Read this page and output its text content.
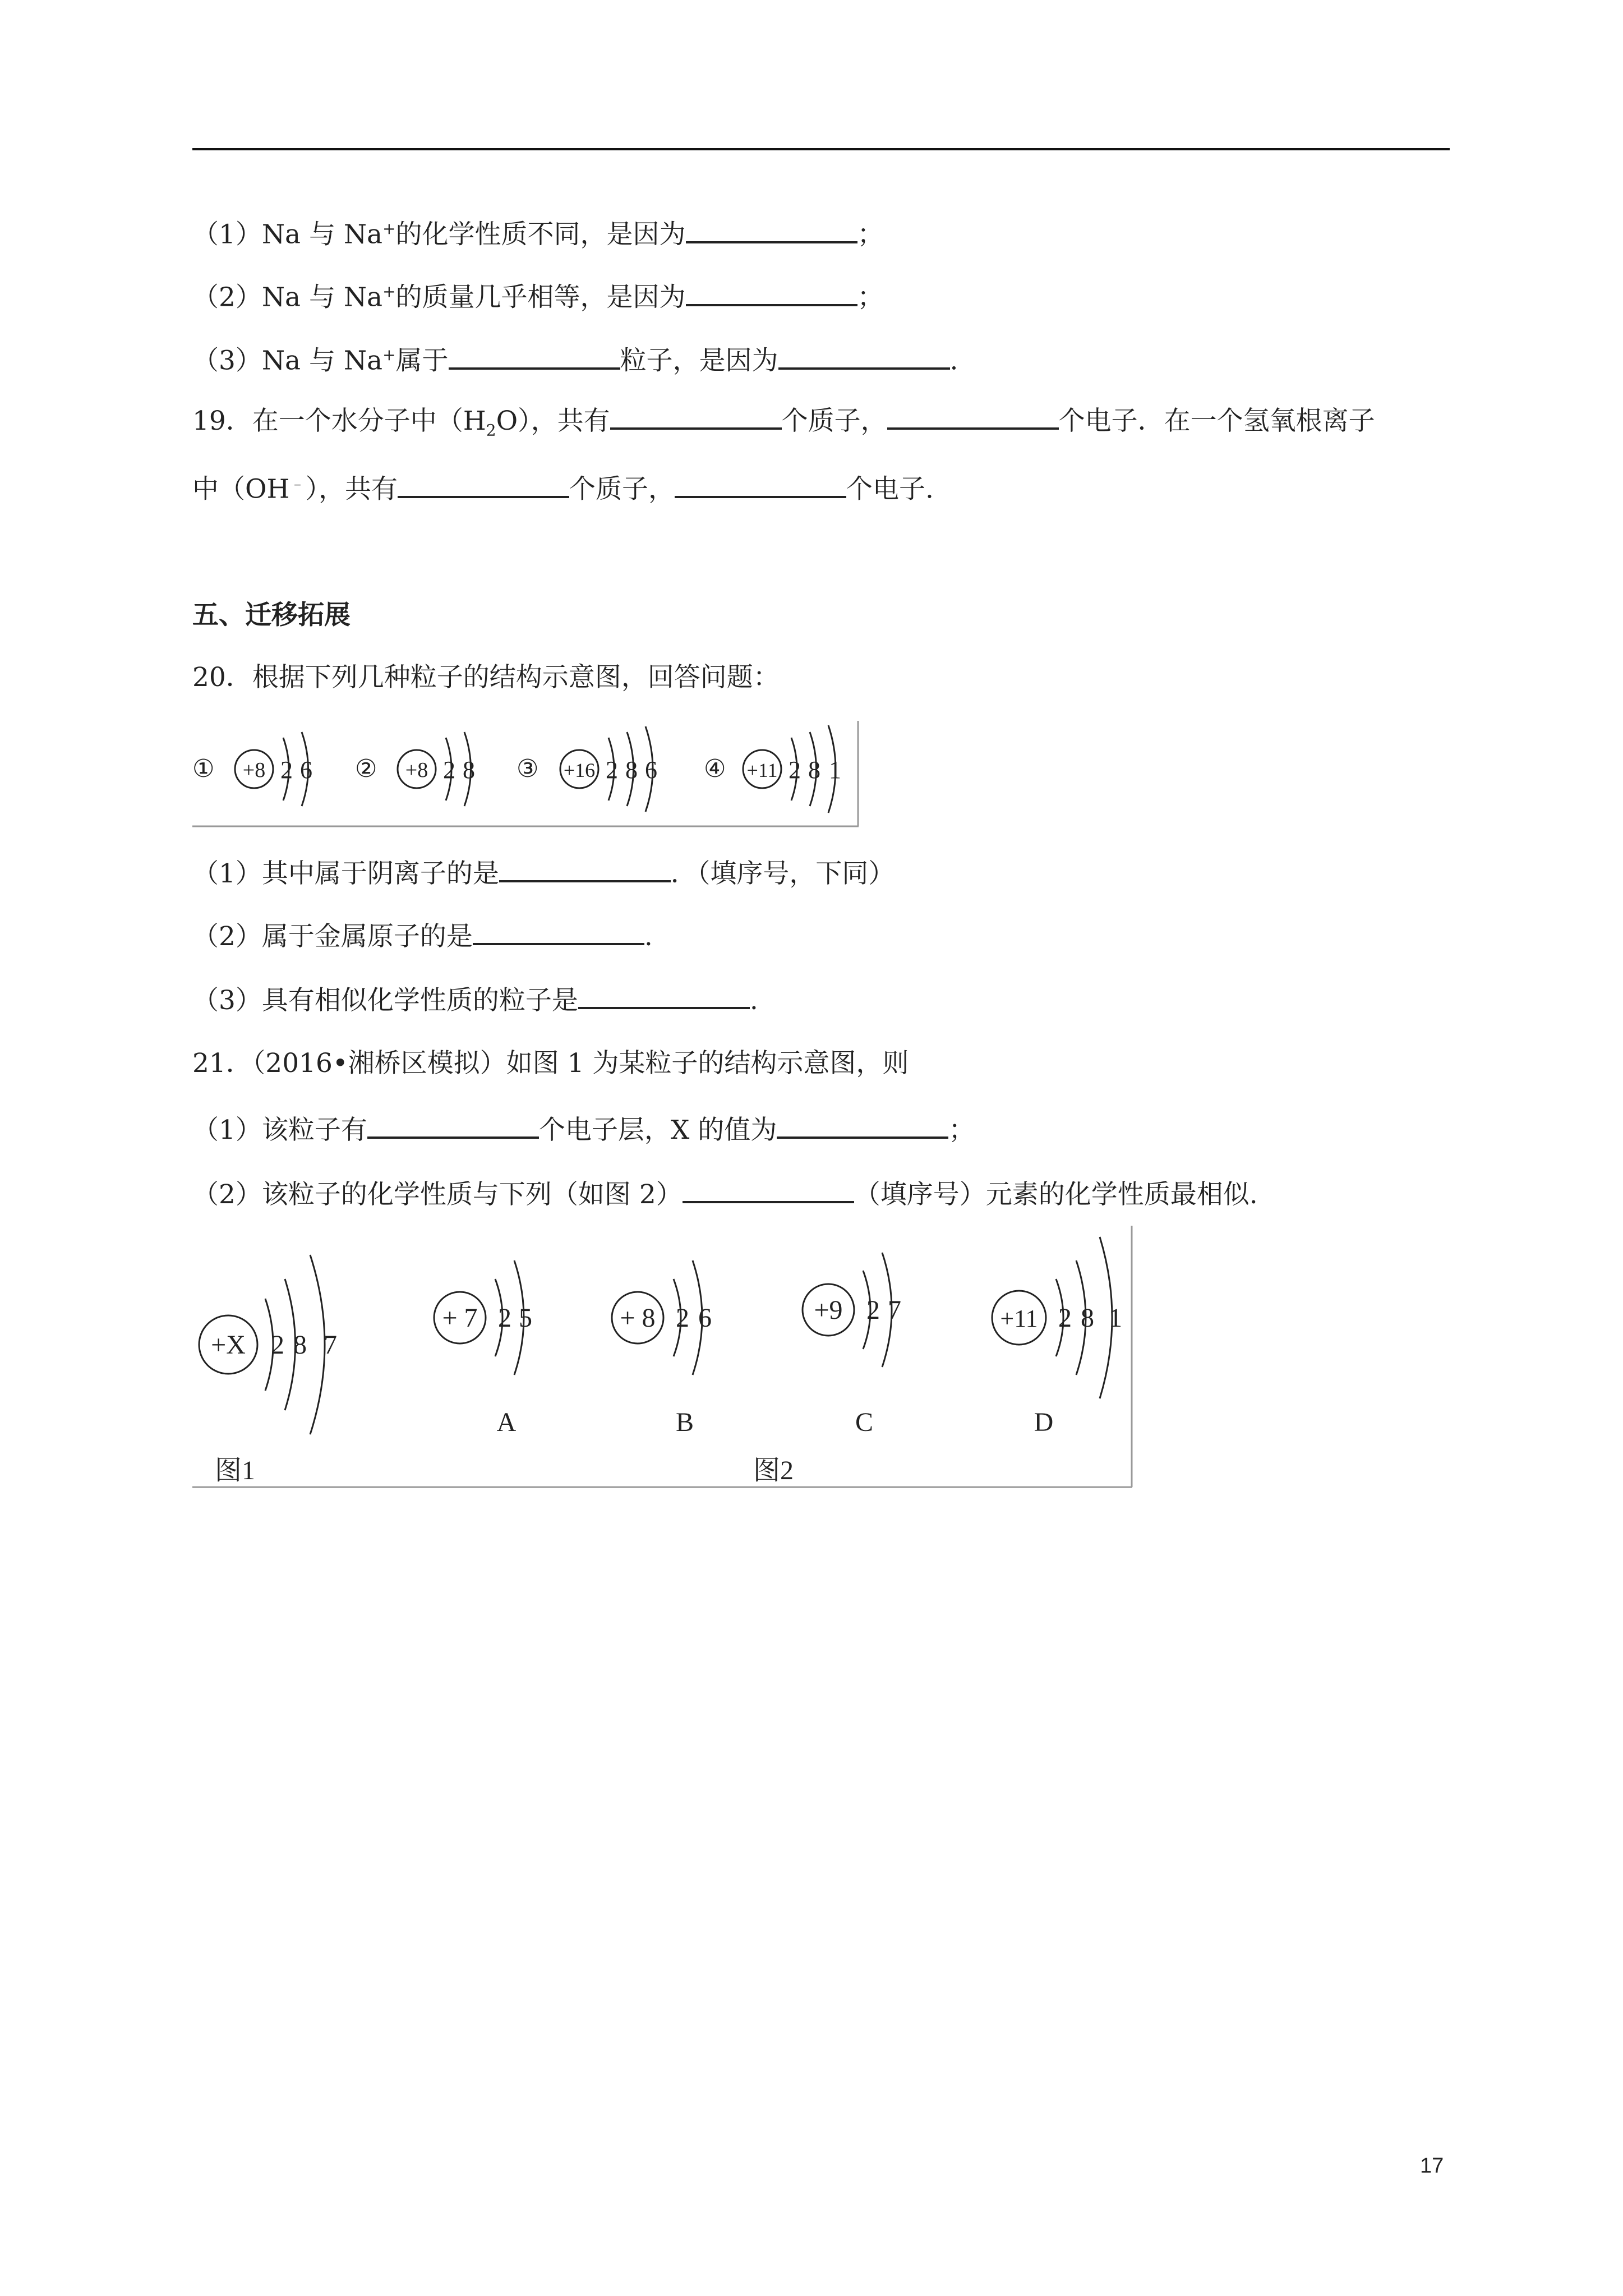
（1）Na 与 Na+的化学性质不同，是因为	；
（2）Na 与 Na+的质量几乎相等，是因为	；
（3）Na 与 Na+属于	粒子，是因为	.
19．在一个水分子中$(H_2O)$，共有	个质子，	个电子．在一个氢氧根离子
中（OH﹣），共有	个质子，	个电子.
五、迁移拓展
20．根据下列几种粒子的结构示意图，回答问题：
① +8 2 6 ② +8 2 8 ③ +16 2 8 6 ④ +11 2 8 1
（1）其中属于阴离子的是	．（填序号，下同）
（2）属于金属原子的是	.
（3）具有相似化学性质的粒子是	.
21．（2016•湘桥区模拟）如图 1 为某粒子的结构示意图，则
（1）该粒子有	个电子层，X 的值为	；
（2）该粒子的化学性质与下列（如图 2）	（填序号）元素的化学性质最相似.
+X 2 8 7
图1	图2
+ 7 2 5
A
+ 8 2 6
B
+9 2 7
C
+11 2 8 1
D
17
